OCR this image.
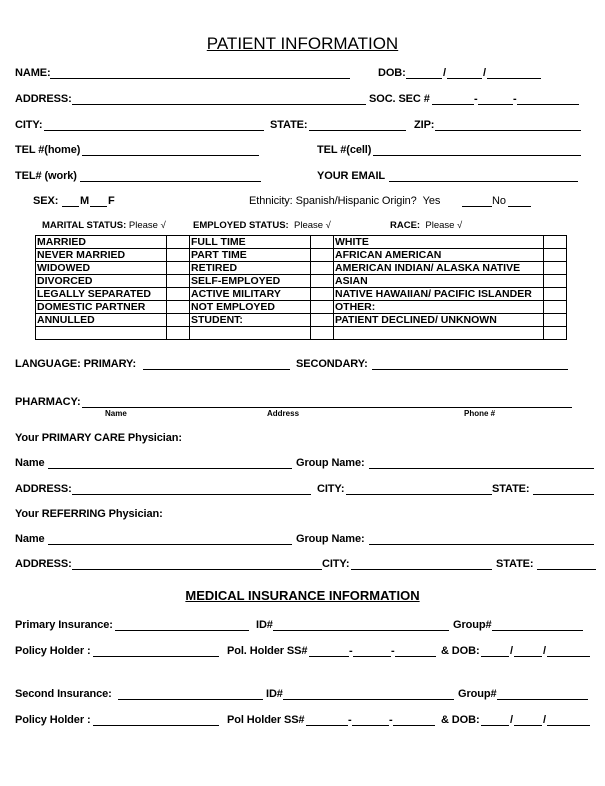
PATIENT INFORMATION
NAME:	DOB:	/	/
ADDRESS:	SOC. SEC #	-	-
CITY:	STATE:	ZIP:
TEL #(home)	TEL #(cell)
TEL# (work)	YOUR EMAIL
SEX: M F	Ethnicity: Spanish/Hispanic Origin? Yes	No
MARITAL STATUS: Please √	EMPLOYED STATUS: Please √	RACE: Please √
MARRIED		FULL TIME		WHITE	
NEVER MARRIED		PART TIME		AFRICAN AMERICAN	
WIDOWED		RETIRED		AMERICAN INDIAN/ ALASKA NATIVE	
DIVORCED		SELF-EMPLOYED		ASIAN	
LEGALLY SEPARATED		ACTIVE MILITARY		NATIVE HAWAIIAN/ PACIFIC ISLANDER	
DOMESTIC PARTNER		NOT EMPLOYED		OTHER:	
ANNULLED		STUDENT:		PATIENT DECLINED/ UNKNOWN	

LANGUAGE: PRIMARY:	SECONDARY:
PHARMACY:
Name	Address	Phone #
Your PRIMARY CARE Physician:
Name	Group Name:
ADDRESS:	CITY:	STATE:
Your REFERRING Physician:
Name	Group Name:
ADDRESS:	CITY:	STATE:
MEDICAL INSURANCE INFORMATION
Primary Insurance:	ID#	Group#
Policy Holder :	Pol. Holder SS#	-	-	& DOB:	/	/
Second Insurance:	ID#	Group#
Policy Holder :	Pol Holder SS#	-	-	& DOB:	/	/
